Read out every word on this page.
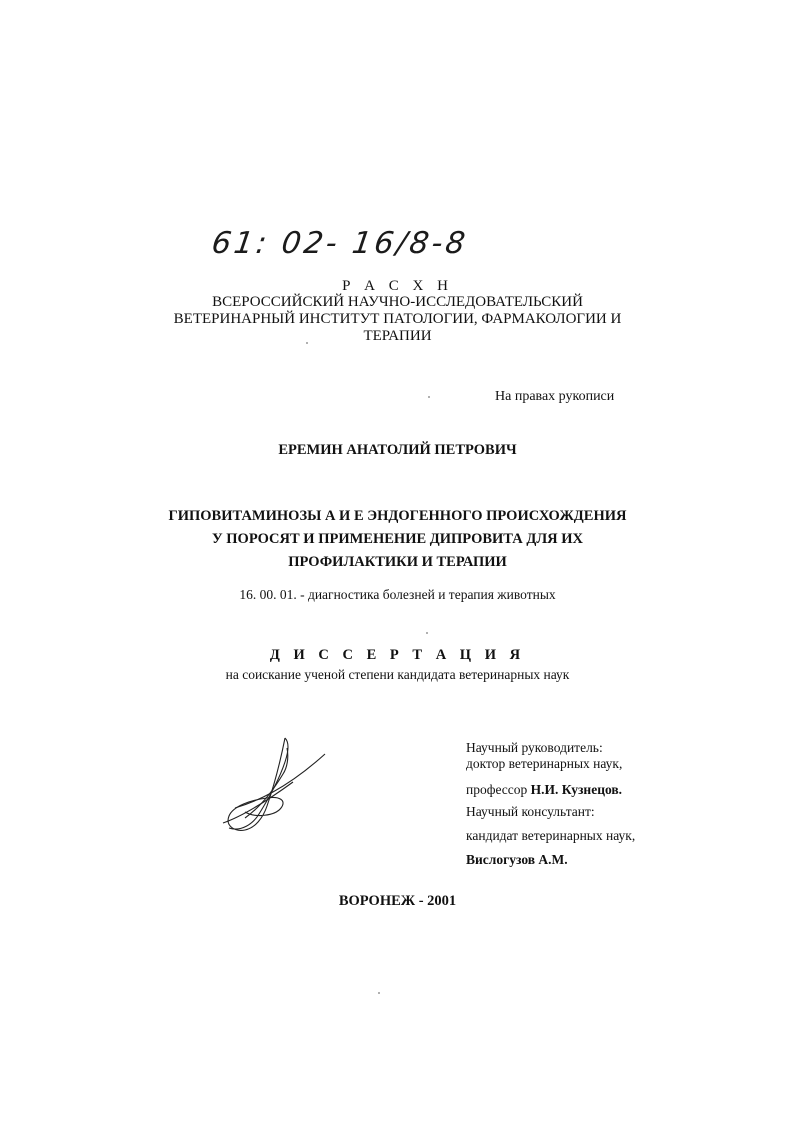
61: 02- 16/8-8
Р А С Х Н
ВСЕРОССИЙСКИЙ НАУЧНО-ИССЛЕДОВАТЕЛЬСКИЙ
ВЕТЕРИНАРНЫЙ ИНСТИТУТ ПАТОЛОГИИ, ФАРМАКОЛОГИИ И
ТЕРАПИИ
На правах рукописи
ЕРЕМИН АНАТОЛИЙ ПЕТРОВИЧ
ГИПОВИТАМИНОЗЫ А И Е ЭНДОГЕННОГО ПРОИСХОЖДЕНИЯ
У ПОРОСЯТ И ПРИМЕНЕНИЕ ДИПРОВИТА ДЛЯ ИХ
ПРОФИЛАКТИКИ И ТЕРАПИИ
16. 00. 01. - диагностика болезней и терапия животных
Д И С С Е Р Т А Ц И Я
на соискание ученой степени кандидата ветеринарных наук
Научный руководитель:
доктор ветеринарных наук,
профессор Н.И. Кузнецов.
Научный консультант:
кандидат ветеринарных наук,
Вислогузов А.М.
ВОРОНЕЖ - 2001
